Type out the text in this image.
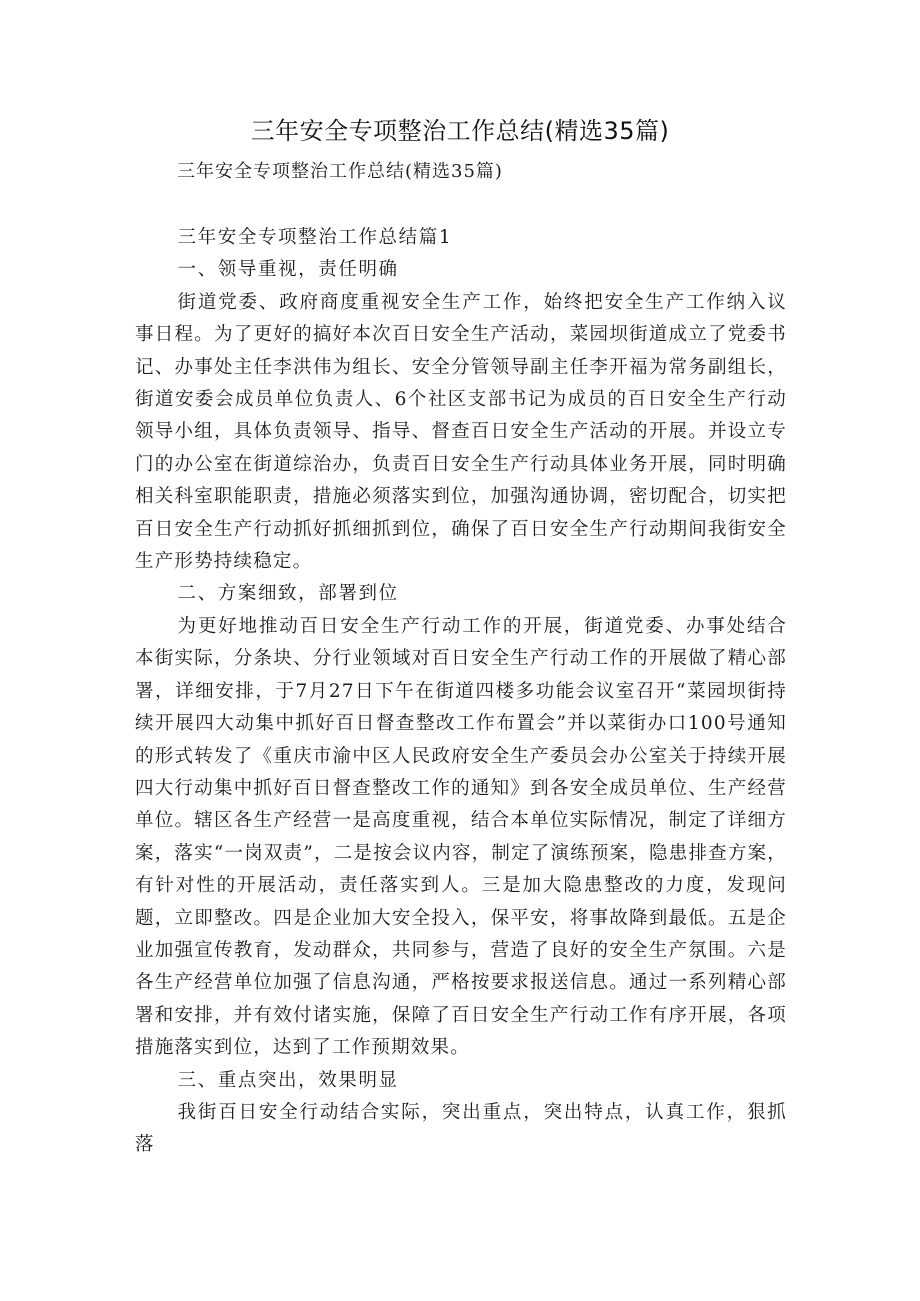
三年安全专项整治工作总结(精选35篇)
三年安全专项整治工作总结(精选35篇)

三年安全专项整治工作总结篇1

一、领导重视，责任明确

街道党委、政府商度重视安全生产工作，始终把安全生产工作纳入议事日程。为了更好的搞好本次百日安全生产活动，菜园坝街道成立了党委书记、办事处主任李洪伟为组长、安全分管领导副主任李开福为常务副组长，街道安委会成员单位负责人、6个社区支部书记为成员的百日安全生产行动领导小组，具体负责领导、指导、督查百日安全生产活动的开展。并设立专门的办公室在街道综治办，负责百日安全生产行动具体业务开展，同时明确相关科室职能职责，措施必须落实到位，加强沟通协调，密切配合，切实把百日安全生产行动抓好抓细抓到位，确保了百日安全生产行动期间我街安全生产形势持续稳定。

二、方案细致，部署到位

为更好地推动百日安全生产行动工作的开展，街道党委、办事处结合本街实际，分条块、分行业领域对百日安全生产行动工作的开展做了精心部署，详细安排，于7月27日下午在街道四楼多功能会议室召开“菜园坝街持续开展四大动集中抓好百日督查整改工作布置会”并以菜街办口100号通知的形式转发了《重庆市渝中区人民政府安全生产委员会办公室关于持续开展四大行动集中抓好百日督查整改工作的通知》到各安全成员单位、生产经营单位。辖区各生产经营一是高度重视，结合本单位实际情况，制定了详细方案，落实“一岗双责”，二是按会议内容，制定了演练预案，隐患排查方案，有针对性的开展活动，责任落实到人。三是加大隐患整改的力度，发现问题，立即整改。四是企业加大安全投入，保平安，将事故降到最低。五是企业加强宣传教育，发动群众，共同参与，营造了良好的安全生产氛围。六是各生产经营单位加强了信息沟通，严格按要求报送信息。通过一系列精心部署和安排，并有效付诸实施，保障了百日安全生产行动工作有序开展，各项措施落实到位，达到了工作预期效果。

三、重点突出，效果明显

我街百日安全行动结合实际，突出重点，突出特点，认真工作，狠抓落
